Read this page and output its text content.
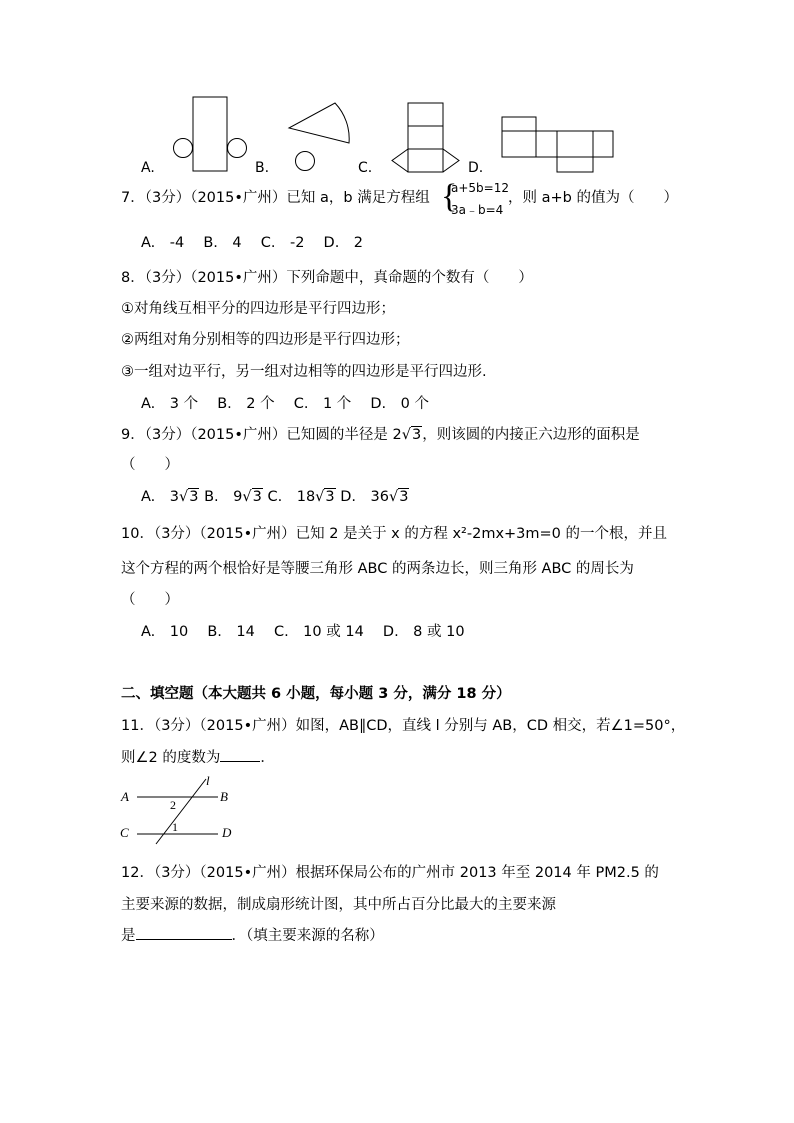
A.	B.	C.	D.
7．（3分）（2015•广州）已知 a，b 满足方程组 {
a+5b=12
3a﹣b=4
，则 a+b 的值为（　　）
A.　-4　 B.　4　 C.　-2　 D.　2
8．（3分）（2015•广州）下列命题中，真命题的个数有（　　）
①对角线互相平分的四边形是平行四边形；
②两组对角分别相等的四边形是平行四边形；
③一组对边平行，另一组对边相等的四边形是平行四边形.
A.　3 个　 B.　2 个　 C.　1 个　 D.　0 个
9．（3分）（2015•广州）已知圆的半径是 2√3，则该圆的内接正六边形的面积是
（　　）
A.　3√3 B.　9√3 C.　18√3 D.　36√3
10．（3分）（2015•广州）已知 2 是关于 x 的方程 x²-2mx+3m=0 的一个根，并且
这个方程的两个根恰好是等腰三角形 ABC 的两条边长，则三角形 ABC 的周长为
（　　）
A.　10　 B.　14　 C.　10 或 14　 D.　8 或 10
二、填空题（本大题共 6 小题，每小题 3 分，满分 18 分）
11．（3分）（2015•广州）如图，AB∥CD，直线 l 分别与 AB，CD 相交，若∠1=50°，
则∠2 的度数为	．
l
A	B
C	D
2
1
12．（3分）（2015•广州）根据环保局公布的广州市 2013 年至 2014 年 PM2.5 的
主要来源的数据，制成扇形统计图，其中所占百分比最大的主要来源
是	．（填主要来源的名称）
